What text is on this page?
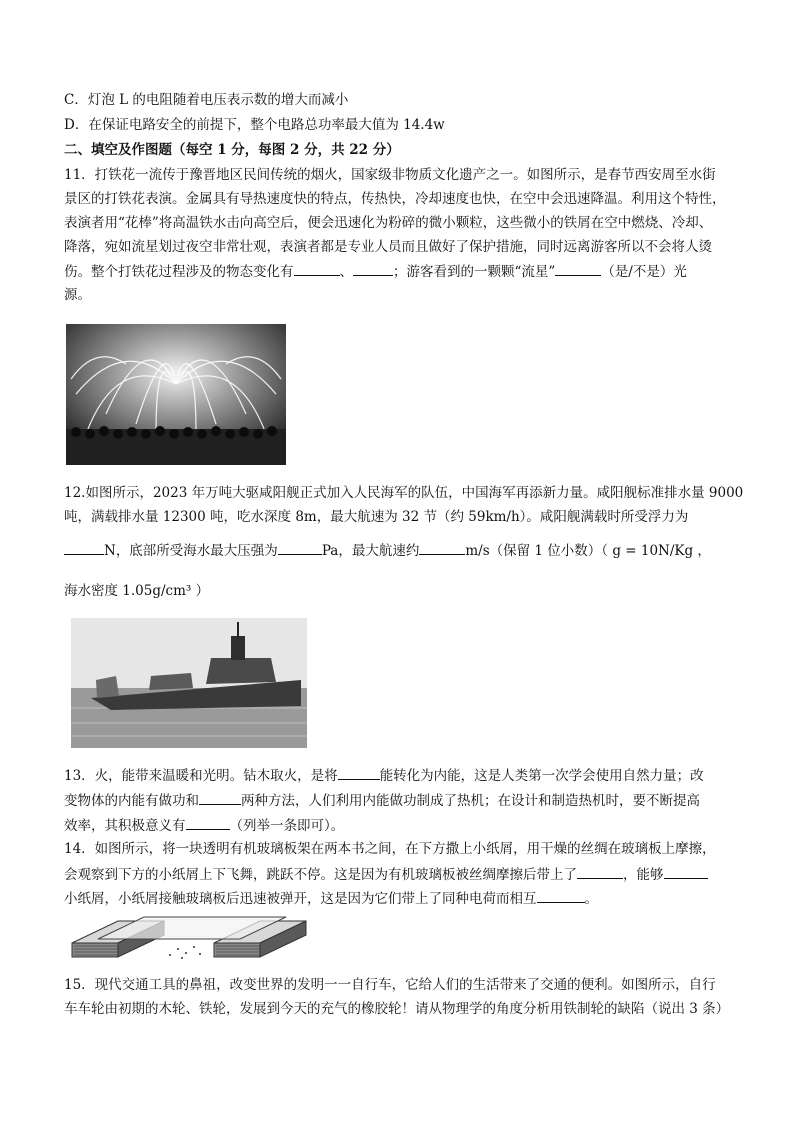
C．灯泡 L 的电阻随着电压表示数的增大而减小
D．在保证电路安全的前提下，整个电路总功率最大值为 14.4w
二、填空及作图题（每空 1 分，每图 2 分，共 22 分）
11．打铁花一流传于豫晋地区民间传统的烟火，国家级非物质文化遗产之一。如图所示，是春节西安周至水街
景区的打铁花表演。金属具有导热速度快的特点，传热快，冷却速度也快，在空中会迅速降温。利用这个特性，
表演者用“花棒”将高温铁水击向高空后，便会迅速化为粉碎的微小颗粒，这些微小的铁屑在空中燃烧、冷却、
降落，宛如流星划过夜空非常壮观，表演者都是专业人员而且做好了保护措施，同时远离游客所以不会将人烫
伤。整个打铁花过程涉及的物态变化有	、	；游客看到的一颗颗“流星”	（是/不是）光
源。
12.如图所示，2023 年万吨大驱咸阳舰正式加入人民海军的队伍，中国海军再添新力量。咸阳舰标准排水量 9000
吨，满载排水量 12300 吨，吃水深度 8m，最大航速为 32 节（约 59km/h）。咸阳舰满载时所受浮力为
N，底部所受海水最大压强为	Pa，最大航速约	m/s（保留 1 位小数）（ g = 10N/Kg ，
海水密度 1.05g/cm³ ）
13．火，能带来温暖和光明。钻木取火，是将	能转化为内能，这是人类第一次学会使用自然力量；改
变物体的内能有做功和	两种方法，人们利用内能做功制成了热机；在设计和制造热机时，要不断提高
效率，其积极意义有	（列举一条即可）。
14．如图所示，将一块透明有机玻璃板架在两本书之间，在下方撒上小纸屑，用干燥的丝绸在玻璃板上摩擦，
会观察到下方的小纸屑上下飞舞，跳跃不停。这是因为有机玻璃板被丝绸摩擦后带上了	，能够
小纸屑，小纸屑接触玻璃板后迅速被弹开，这是因为它们带上了同种电荷而相互	。
15．现代交通工具的鼻祖，改变世界的发明一一自行车，它给人们的生活带来了交通的便利。如图所示，自行
车车轮由初期的木轮、铁轮，发展到今天的充气的橡胶轮！请从物理学的角度分析用铁制轮的缺陷（说出 3 条）
